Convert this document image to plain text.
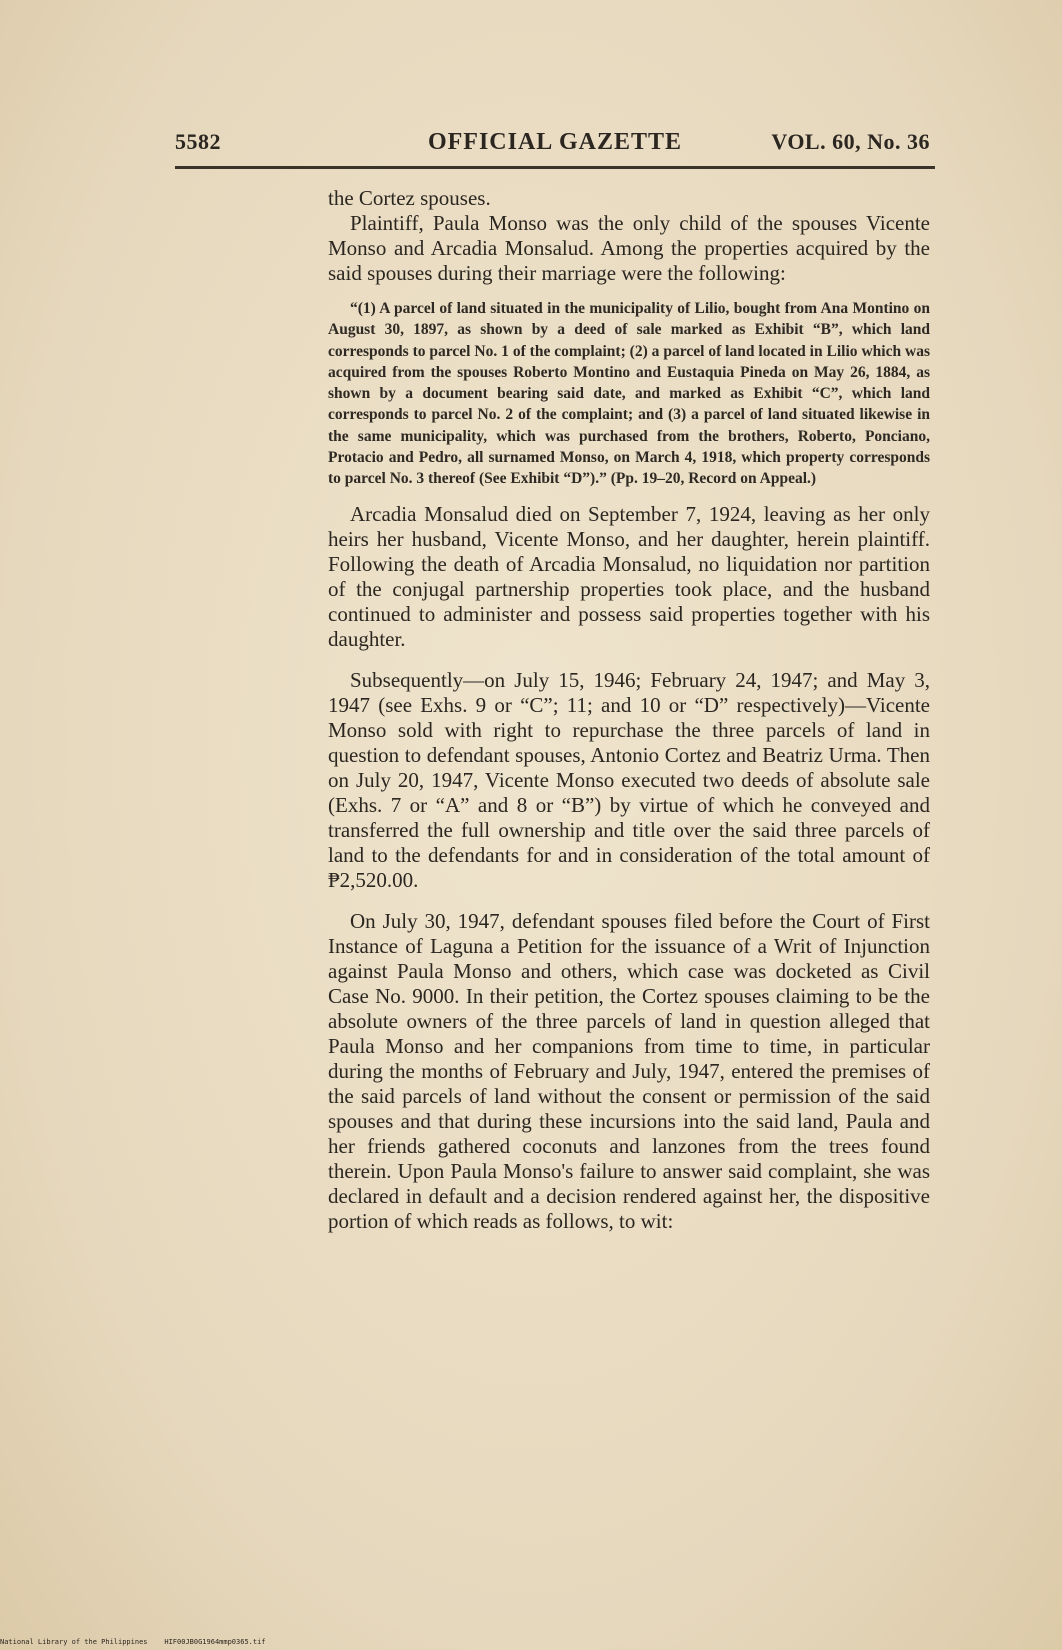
5582	OFFICIAL GAZETTE	VOL. 60, No. 36

the Cortez spouses.

Plaintiff, Paula Monso was the only child of the spouses Vicente Monso and Arcadia Monsalud. Among the properties acquired by the said spouses during their marriage were the following:

“(1) A parcel of land situated in the municipality of Lilio, bought from Ana Montino on August 30, 1897, as shown by a deed of sale marked as Exhibit “B”, which land corresponds to parcel No. 1 of the complaint; (2) a parcel of land located in Lilio which was acquired from the spouses Roberto Montino and Eustaquia Pineda on May 26, 1884, as shown by a document bearing said date, and marked as Exhibit “C”, which land corresponds to parcel No. 2 of the complaint; and (3) a parcel of land situated likewise in the same municipality, which was purchased from the brothers, Roberto, Ponciano, Protacio and Pedro, all surnamed Monso, on March 4, 1918, which property corresponds to parcel No. 3 thereof (See Exhibit “D”).” (Pp. 19–20, Record on Appeal.)

Arcadia Monsalud died on September 7, 1924, leaving as her only heirs her husband, Vicente Monso, and her daughter, herein plaintiff. Following the death of Arcadia Monsalud, no liquidation nor partition of the conjugal partnership properties took place, and the husband continued to administer and possess said properties together with his daughter.

Subsequently—on July 15, 1946; February 24, 1947; and May 3, 1947 (see Exhs. 9 or “C”; 11; and 10 or “D” respectively)—Vicente Monso sold with right to repurchase the three parcels of land in question to defendant spouses, Antonio Cortez and Beatriz Urma. Then on July 20, 1947, Vicente Monso executed two deeds of absolute sale (Exhs. 7 or “A” and 8 or “B”) by virtue of which he conveyed and transferred the full ownership and title over the said three parcels of land to the defendants for and in consideration of the total amount of ₱2,520.00.

On July 30, 1947, defendant spouses filed before the Court of First Instance of Laguna a Petition for the issuance of a Writ of Injunction against Paula Monso and others, which case was docketed as Civil Case No. 9000. In their petition, the Cortez spouses claiming to be the absolute owners of the three parcels of land in question alleged that Paula Monso and her companions from time to time, in particular during the months of February and July, 1947, entered the premises of the said parcels of land without the consent or permission of the said spouses and that during these incursions into the said land, Paula and her friends gathered coconuts and lanzones from the trees found therein. Upon Paula Monso's failure to answer said complaint, she was declared in default and a decision rendered against her, the dispositive portion of which reads as follows, to wit:

National Library of the Philippines HIF00JB0G1964mmp0365.tif
